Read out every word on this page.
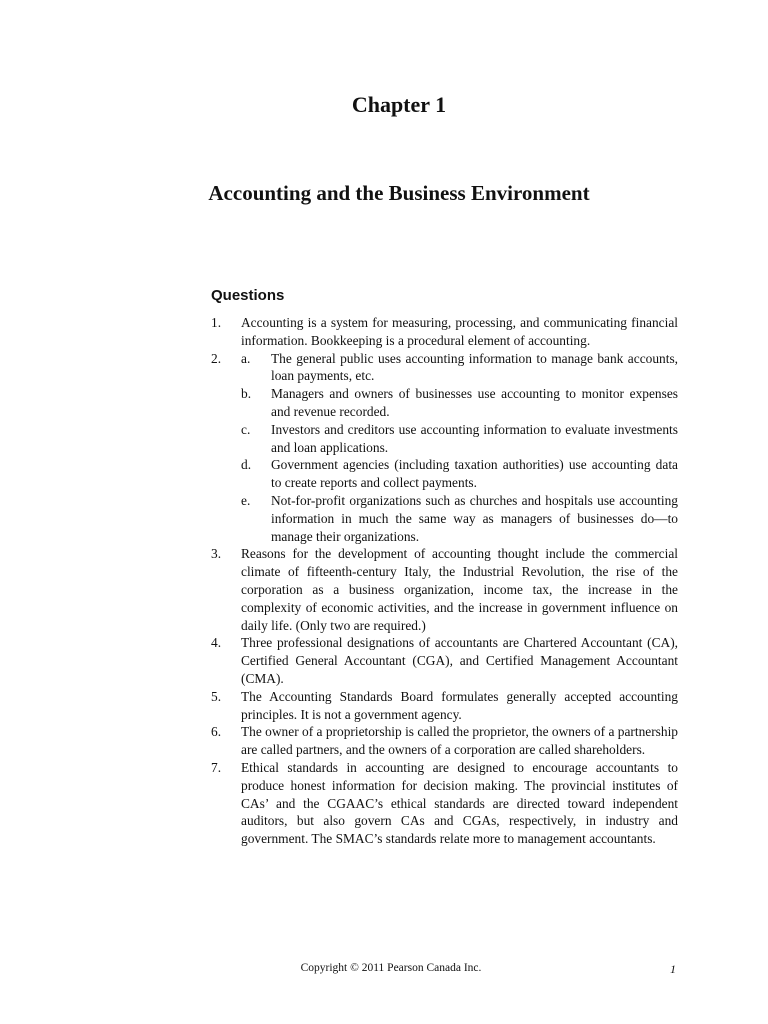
Chapter 1
Accounting and the Business Environment
Questions
1. Accounting is a system for measuring, processing, and communicating financial information. Bookkeeping is a procedural element of accounting.
2. a. The general public uses accounting information to manage bank accounts, loan payments, etc.
b. Managers and owners of businesses use accounting to monitor expenses and revenue recorded.
c. Investors and creditors use accounting information to evaluate investments and loan applications.
d. Government agencies (including taxation authorities) use accounting data to create reports and collect payments.
e. Not-for-profit organizations such as churches and hospitals use accounting information in much the same way as managers of businesses do—to manage their organizations.
3. Reasons for the development of accounting thought include the commercial climate of fifteenth-century Italy, the Industrial Revolution, the rise of the corporation as a business organization, income tax, the increase in the complexity of economic activities, and the increase in government influence on daily life. (Only two are required.)
4. Three professional designations of accountants are Chartered Accountant (CA), Certified General Accountant (CGA), and Certified Management Accountant (CMA).
5. The Accounting Standards Board formulates generally accepted accounting principles. It is not a government agency.
6. The owner of a proprietorship is called the proprietor, the owners of a partnership are called partners, and the owners of a corporation are called shareholders.
7. Ethical standards in accounting are designed to encourage accountants to produce honest information for decision making. The provincial institutes of CAs’ and the CGAAC’s ethical standards are directed toward independent auditors, but also govern CAs and CGAs, respectively, in industry and government. The SMAC’s standards relate more to management accountants.
Copyright © 2011 Pearson Canada Inc.	1
